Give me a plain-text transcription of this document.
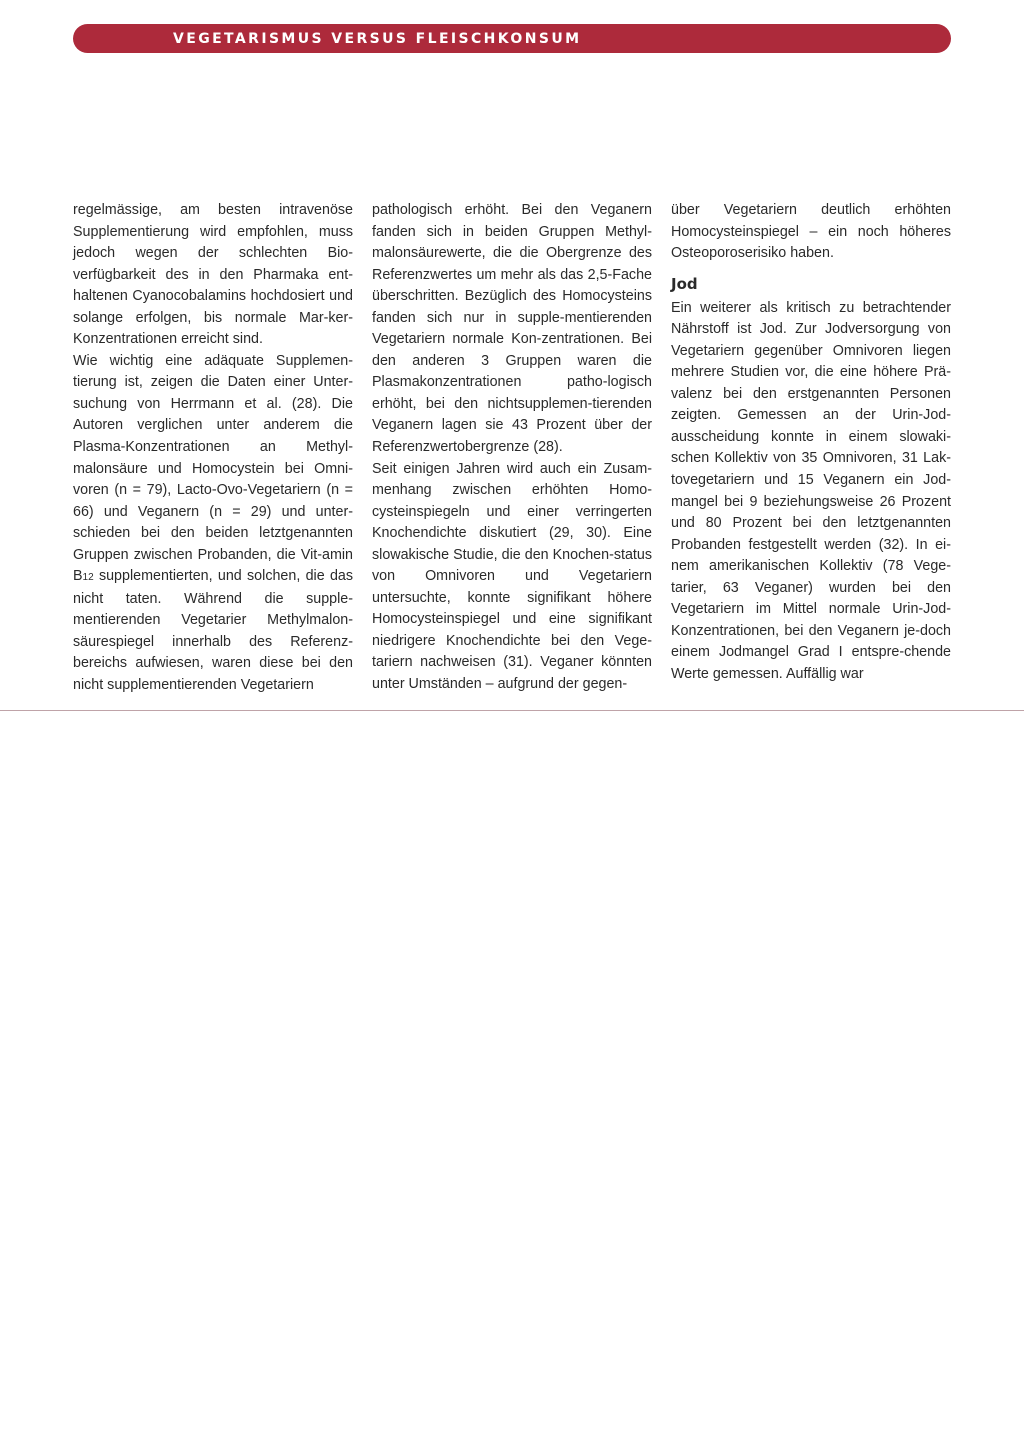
VEGETARISMUS VERSUS FLEISCHKONSUM

regelmässige, am besten intravenöse Supplementierung wird empfohlen, muss jedoch wegen der schlechten Bio-verfügbarkeit des in den Pharmaka ent-haltenen Cyanocobalamins hochdosiert und solange erfolgen, bis normale Mar-ker-Konzentrationen erreicht sind.

Wie wichtig eine adäquate Supplemen-tierung ist, zeigen die Daten einer Unter-suchung von Herrmann et al. (28). Die Autoren verglichen unter anderem die Plasma-Konzentrationen an Methyl-malonsäure und Homocystein bei Omni-voren (n = 79), Lacto-Ovo-Vegetariern (n = 66) und Veganern (n = 29) und unter-schieden bei den beiden letztgenannten Gruppen zwischen Probanden, die Vit-amin B12 supplementierten, und solchen, die das nicht taten. Während die supple-mentierenden Vegetarier Methylmalon-säurespiegel innerhalb des Referenz-bereichs aufwiesen, waren diese bei den nicht supplementierenden Vegetariern

pathologisch erhöht. Bei den Veganern fanden sich in beiden Gruppen Methyl-malonsäurewerte, die die Obergrenze des Referenzwertes um mehr als das 2,5-Fache überschritten. Bezüglich des Homocysteins fanden sich nur in supple-mentierenden Vegetariern normale Kon-zentrationen. Bei den anderen 3 Gruppen waren die Plasmakonzentrationen patho-logisch erhöht, bei den nichtsupplemen-tierenden Veganern lagen sie 43 Prozent über der Referenzwertobergrenze (28).

Seit einigen Jahren wird auch ein Zusam-menhang zwischen erhöhten Homo-cysteinspiegeln und einer verringerten Knochendichte diskutiert (29, 30). Eine slowakische Studie, die den Knochen-status von Omnivoren und Vegetariern untersuchte, konnte signifikant höhere Homocysteinspiegel und eine signifikant niedrigere Knochendichte bei den Vege-tariern nachweisen (31). Veganer könnten unter Umständen – aufgrund der gegen-

über Vegetariern deutlich erhöhten Homocysteinspiegel – ein noch höheres Osteoporoserisiko haben.

Jod

Ein weiterer als kritisch zu betrachtender Nährstoff ist Jod. Zur Jodversorgung von Vegetariern gegenüber Omnivoren liegen mehrere Studien vor, die eine höhere Prä-valenz bei den erstgenannten Personen zeigten. Gemessen an der Urin-Jod-ausscheidung konnte in einem slowaki-schen Kollektiv von 35 Omnivoren, 31 Lak-tovegetariern und 15 Veganern ein Jod-mangel bei 9 beziehungsweise 26 Prozent und 80 Prozent bei den letztgenannten Probanden festgestellt werden (32). In ei-nem amerikanischen Kollektiv (78 Vege-tarier, 63 Veganer) wurden bei den Vegetariern im Mittel normale Urin-Jod-Konzentrationen, bei den Veganern je-doch einem Jodmangel Grad I entspre-chende Werte gemessen. Auffällig war
